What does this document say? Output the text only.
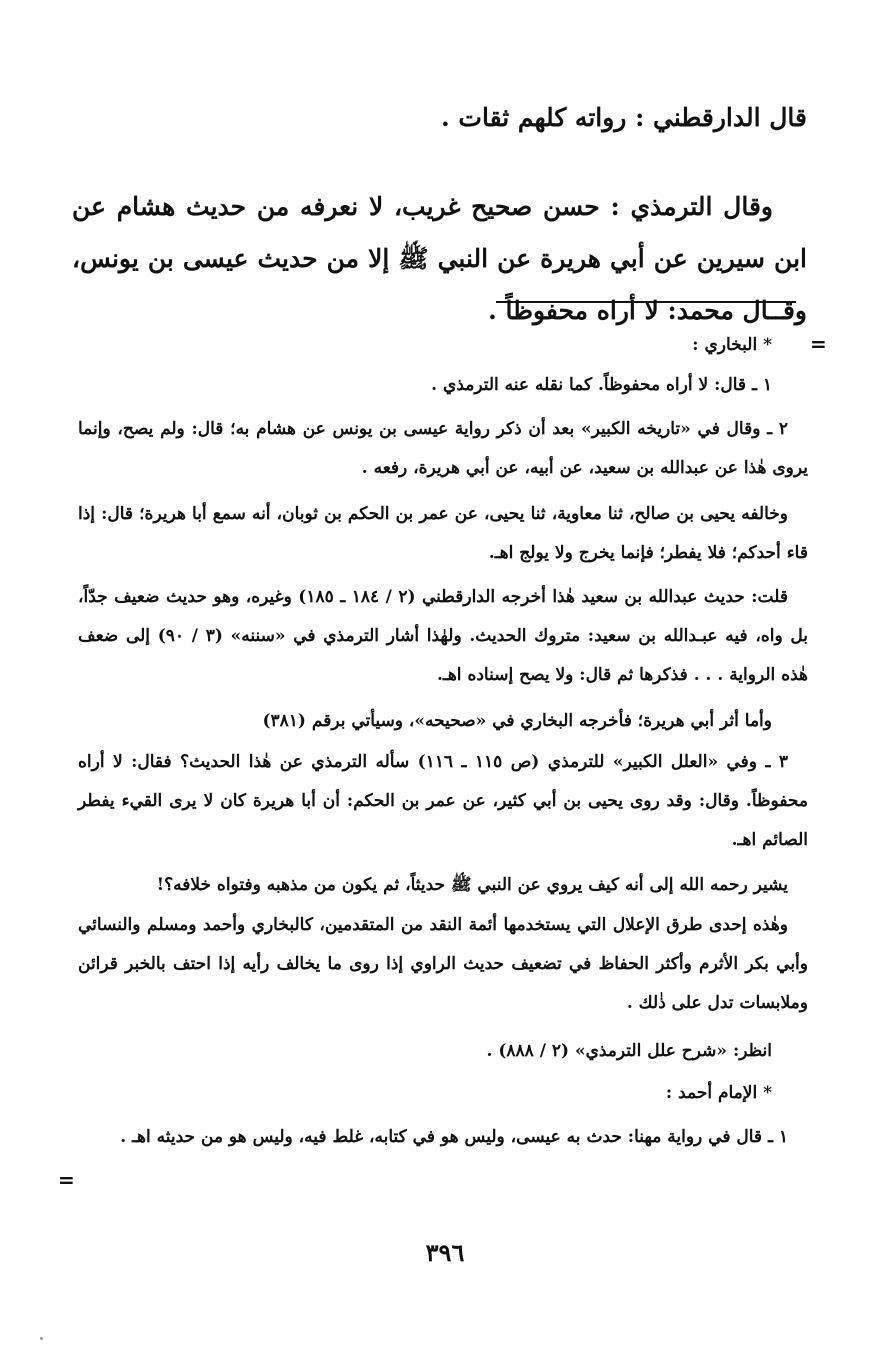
قال الدارقطني : رواته كلهم ثقات .

وقال الترمذي : حسن صحيح غريب، لا نعرفه من حديث هشام عن ابن سيرين عن أبي هريرة عن النبي ﷺ إلا من حديث عيسى بن يونس، وقــال محمد: لا أراه محفوظاً .

=

* البخاري :

١ ـ قال: لا أراه محفوظاً. كما نقله عنه الترمذي .

٢ ـ وقال في «تاريخه الكبير» بعد أن ذكر رواية عيسى بن يونس عن هشام به؛ قال: ولم يصح، وإنما يروى هٰذا عن عبدالله بن سعيد، عن أبيه، عن أبي هريرة، رفعه .

وخالفه يحيى بن صالح، ثنا معاوية، ثنا يحيى، عن عمر بن الحكم بن ثوبان، أنه سمع أبا هريرة؛ قال: إذا قاء أحدكم؛ فلا يفطر؛ فإنما يخرج ولا يولج اهـ.

قلت: حديث عبدالله بن سعيد هٰذا أخرجه الدارقطني (٢ / ١٨٤ ـ ١٨٥) وغيره، وهو حديث ضعيف جدّاً، بل واه، فيه عبـدالله بن سعيد: متروك الحديث. ولهٰذا أشار الترمذي في «سننه» (٣ / ٩٠) إلى ضعف هٰذه الرواية . . . فذكرها ثم قال: ولا يصح إسناده اهـ.

وأما أثر أبي هريرة؛ فأخرجه البخاري في «صحيحه»، وسيأتي برقم (٣٨١)

٣ ـ وفي «العلل الكبير» للترمذي (ص ١١٥ ـ ١١٦) سأله الترمذي عن هٰذا الحديث؟ فقال: لا أراه محفوظاً. وقال: وقد روى يحيى بن أبي كثير، عن عمر بن الحكم: أن أبا هريرة كان لا يرى القيء يفطر الصائم اهـ.

يشير رحمه الله إلى أنه كيف يروي عن النبي ﷺ حديثاً، ثم يكون من مذهبه وفتواه خلافه؟!

وهٰذه إحدى طرق الإعلال التي يستخدمها أئمة النقد من المتقدمين، كالبخاري وأحمد ومسلم والنسائي وأبي بكر الأثرم وأكثر الحفاظ في تضعيف حديث الراوي إذا روى ما يخالف رأيه إذا احتف بالخبر قرائن وملابسات تدل على ذٰلك .

انظر: «شرح علل الترمذي» (٢ / ٨٨٨) .

* الإمام أحمد :

١ ـ قال في رواية مهنا: حدث به عيسى، وليس هو في كتابه، غلط فيه، وليس هو من حديثه اهـ .

=
٣٩٦
